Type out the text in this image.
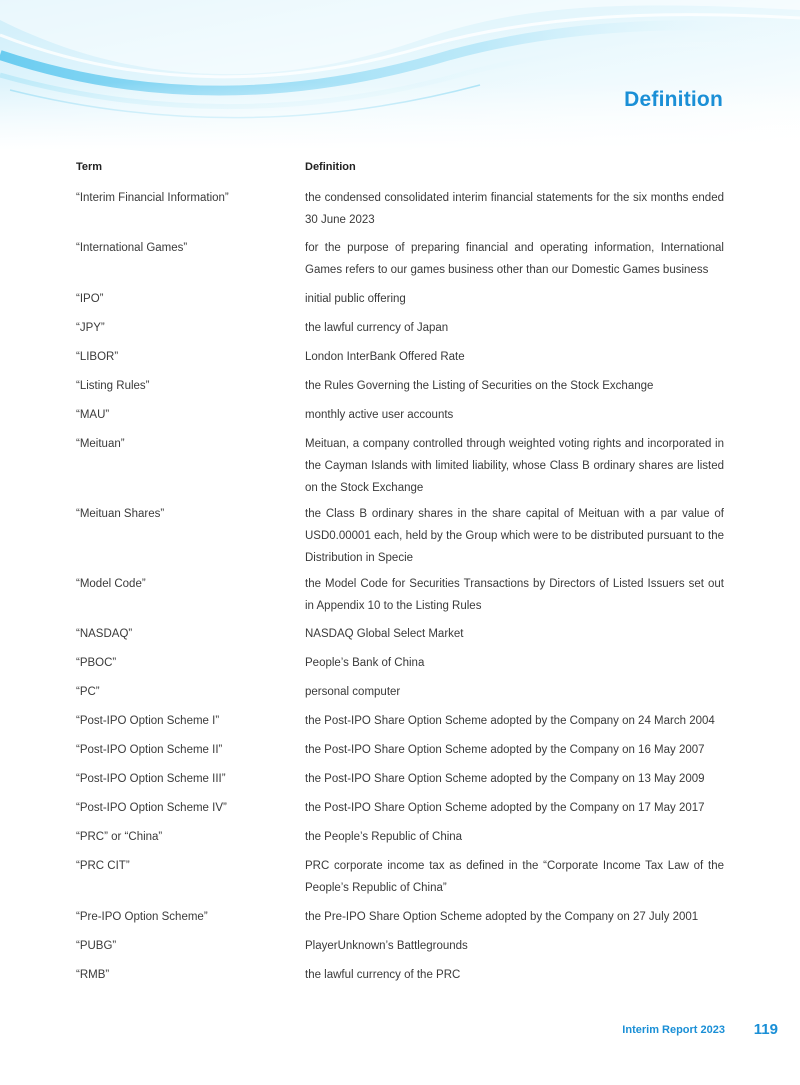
Definition
Term	Definition
“Interim Financial Information”	the condensed consolidated interim financial statements for the six months ended 30 June 2023
“International Games”	for the purpose of preparing financial and operating information, International Games refers to our games business other than our Domestic Games business
“IPO”	initial public offering
“JPY”	the lawful currency of Japan
“LIBOR”	London InterBank Offered Rate
“Listing Rules”	the Rules Governing the Listing of Securities on the Stock Exchange
“MAU”	monthly active user accounts
“Meituan”	Meituan, a company controlled through weighted voting rights and incorporated in the Cayman Islands with limited liability, whose Class B ordinary shares are listed on the Stock Exchange
“Meituan Shares”	the Class B ordinary shares in the share capital of Meituan with a par value of USD0.00001 each, held by the Group which were to be distributed pursuant to the Distribution in Specie
“Model Code”	the Model Code for Securities Transactions by Directors of Listed Issuers set out in Appendix 10 to the Listing Rules
“NASDAQ”	NASDAQ Global Select Market
“PBOC”	People’s Bank of China
“PC”	personal computer
“Post-IPO Option Scheme I”	the Post-IPO Share Option Scheme adopted by the Company on 24 March 2004
“Post-IPO Option Scheme II”	the Post-IPO Share Option Scheme adopted by the Company on 16 May 2007
“Post-IPO Option Scheme III”	the Post-IPO Share Option Scheme adopted by the Company on 13 May 2009
“Post-IPO Option Scheme IV”	the Post-IPO Share Option Scheme adopted by the Company on 17 May 2017
“PRC” or “China”	the People’s Republic of China
“PRC CIT”	PRC corporate income tax as defined in the “Corporate Income Tax Law of the People’s Republic of China”
“Pre-IPO Option Scheme”	the Pre-IPO Share Option Scheme adopted by the Company on 27 July 2001
“PUBG”	PlayerUnknown’s Battlegrounds
“RMB”	the lawful currency of the PRC
Interim Report 2023 119
